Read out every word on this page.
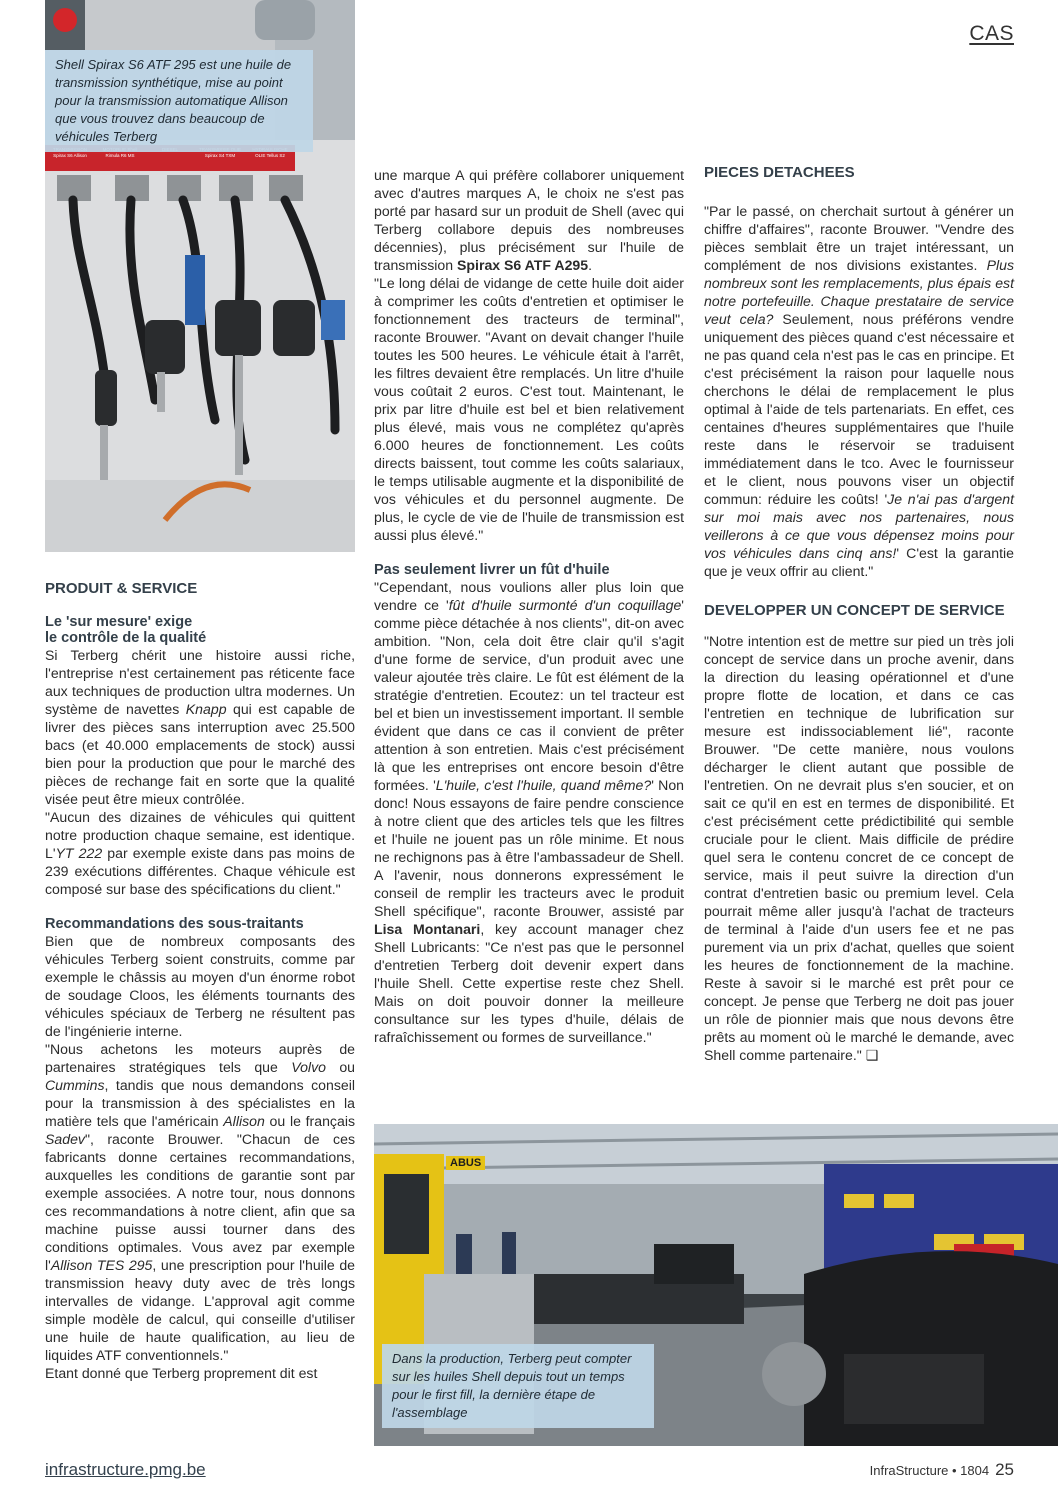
CAS
Spirax S6 Allison	Rimula R6 MS	Spirax S4 TXM	OLIE Tellus S2
Shell Spirax S6 ATF 295 est une huile de transmission synthétique, mise au point pour la transmission automatique Allison que vous trouvez dans beaucoup de véhicules Terberg
PRODUIT & SERVICE
Le 'sur mesure' exige
le contrôle de la qualité

Si Terberg chérit une histoire aussi riche, l'entreprise n'est certainement pas réticente face aux techniques de production ultra modernes. Un système de navettes Knapp qui est capable de livrer des pièces sans interruption avec 25.500 bacs (et 40.000 emplacements de stock) aussi bien pour la production que pour le marché des pièces de rechange fait en sorte que la qualité visée peut être mieux contrôlée.

"Aucun des dizaines de véhicules qui quittent notre production chaque semaine, est identique. L'YT 222 par exemple existe dans pas moins de 239 exécutions différentes. Chaque véhicule est composé sur base des spécifications du client."

Recommandations des sous-traitants

Bien que de nombreux composants des véhicules Terberg soient construits, comme par exemple le châssis au moyen d'un énorme robot de soudage Cloos, les éléments tournants des véhicules spéciaux de Terberg ne résultent pas de l'ingénierie interne.

"Nous achetons les moteurs auprès de partenaires stratégiques tels que Volvo ou Cummins, tandis que nous demandons conseil pour la transmission à des spécialistes en la matière tels que l'américain Allison ou le français Sadev", raconte Brouwer. "Chacun de ces fabricants donne certaines recommandations, auxquelles les conditions de garantie sont par exemple associées. A notre tour, nous donnons ces recommandations à notre client, afin que sa machine puisse aussi tourner dans des conditions optimales. Vous avez par exemple l'Allison TES 295, une prescription pour l'huile de transmission heavy duty avec de très longs intervalles de vidange. L'approval agit comme simple modèle de calcul, qui conseille d'utiliser une huile de haute qualification, au lieu de liquides ATF conventionnels."

Etant donné que Terberg proprement dit est

une marque A qui préfère collaborer uniquement avec d'autres marques A, le choix ne s'est pas porté par hasard sur un produit de Shell (avec qui Terberg collabore depuis des nombreuses décennies), plus précisément sur l'huile de transmission Spirax S6 ATF A295.

"Le long délai de vidange de cette huile doit aider à comprimer les coûts d'entretien et optimiser le fonctionnement des tracteurs de terminal", raconte Brouwer. "Avant on devait changer l'huile toutes les 500 heures. Le véhicule était à l'arrêt, les filtres devaient être remplacés. Un litre d'huile vous coûtait 2 euros. C'est tout. Maintenant, le prix par litre d'huile est bel et bien relativement plus élevé, mais vous ne complétez qu'après 6.000 heures de fonctionnement. Les coûts directs baissent, tout comme les coûts salariaux, le temps utilisable augmente et la disponibilité de vos véhicules et du personnel augmente. De plus, le cycle de vie de l'huile de transmission est aussi plus élevé."

Pas seulement livrer un fût d'huile

"Cependant, nous voulions aller plus loin que vendre ce 'fût d'huile surmonté d'un coquillage' comme pièce détachée à nos clients", dit-on avec ambition. "Non, cela doit être clair qu'il s'agit d'une forme de service, d'un produit avec une valeur ajoutée très claire. Le fût est élément de la stratégie d'entretien. Ecoutez: un tel tracteur est bel et bien un investissement important. Il semble évident que dans ce cas il convient de prêter attention à son entretien. Mais c'est précisément là que les entreprises ont encore besoin d'être formées. 'L'huile, c'est l'huile, quand même?' Non donc! Nous essayons de faire pendre conscience à notre client que des articles tels que les filtres et l'huile ne jouent pas un rôle minime. Et nous ne rechignons pas à être l'ambassadeur de Shell. A l'avenir, nous donnerons expressément le conseil de remplir les tracteurs avec le produit Shell spécifique", raconte Brouwer, assisté par Lisa Montanari, key account manager chez Shell Lubricants: "Ce n'est pas que le personnel d'entretien Terberg doit devenir expert dans l'huile Shell. Cette expertise reste chez Shell. Mais on doit pouvoir donner la meilleure consultance sur les types d'huile, délais de rafraîchissement ou formes de surveillance."

PIECES DETACHEES

"Par le passé, on cherchait surtout à générer un chiffre d'affaires", raconte Brouwer. "Vendre des pièces semblait être un trajet intéressant, un complément de nos divisions existantes. Plus nombreux sont les remplacements, plus épais est notre portefeuille. Chaque prestataire de service veut cela? Seulement, nous préférons vendre uniquement des pièces quand c'est nécessaire et ne pas quand cela n'est pas le cas en principe. Et c'est précisément la raison pour laquelle nous cherchons le délai de remplacement le plus optimal à l'aide de tels partenariats. En effet, ces centaines d'heures supplémentaires que l'huile reste dans le réservoir se traduisent immédiatement dans le tco. Avec le fournisseur et le client, nous pouvons viser un objectif commun: réduire les coûts! 'Je n'ai pas d'argent sur moi mais avec nos partenaires, nous veillerons à ce que vous dépensez moins pour vos véhicules dans cinq ans!' C'est la garantie que je veux offrir au client."

DEVELOPPER UN CONCEPT DE SERVICE

"Notre intention est de mettre sur pied un très joli concept de service dans un proche avenir, dans la direction du leasing opérationnel et d'une propre flotte de location, et dans ce cas l'entretien en technique de lubrification sur mesure est indissociablement lié", raconte Brouwer. "De cette manière, nous voulons décharger le client autant que possible de l'entretien. On ne devrait plus s'en soucier, et on sait ce qu'il en est en termes de disponibilité. Et c'est précisément cette prédictibilité qui semble cruciale pour le client. Mais difficile de prédire quel sera le contenu concret de ce concept de service, mais il peut suivre la direction d'un contrat d'entretien basic ou premium level. Cela pourrait même aller jusqu'à l'achat de tracteurs de terminal à l'aide d'un users fee et ne pas purement via un prix d'achat, quelles que soient les heures de fonctionnement de la machine. Reste à savoir si le marché est prêt pour ce concept. Je pense que Terberg ne doit pas jouer un rôle de pionnier mais que nous devons être prêts au moment où le marché le demande, avec Shell comme partenaire." ❑

ABUS
Dans la production, Terberg peut compter sur les huiles Shell depuis tout un temps pour le first fill, la dernière étape de l'assemblage
infrastructure.pmg.be	InfraStructure • 1804 25
